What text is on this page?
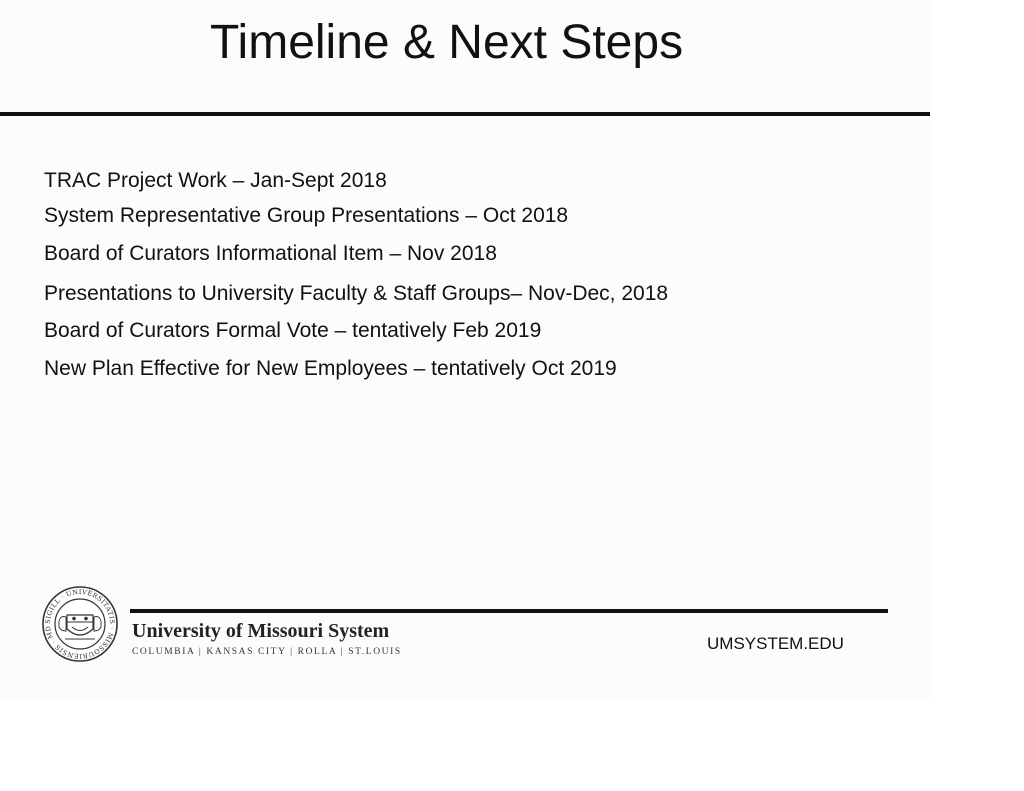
Timeline & Next Steps
TRAC Project Work – Jan-Sept 2018
System Representative Group Presentations – Oct 2018
Board of Curators Informational Item – Nov 2018
Presentations to University Faculty & Staff Groups– Nov-Dec, 2018
Board of Curators Formal Vote – tentatively Feb 2019
New Plan Effective for New Employees – tentatively Oct 2019
SIGILL · UNIVERSITATIS · MISSOURIENSIS · MD	University of Missouri System
COLUMBIA | KANSAS CITY | ROLLA | ST.LOUIS	UMSYSTEM.EDU
